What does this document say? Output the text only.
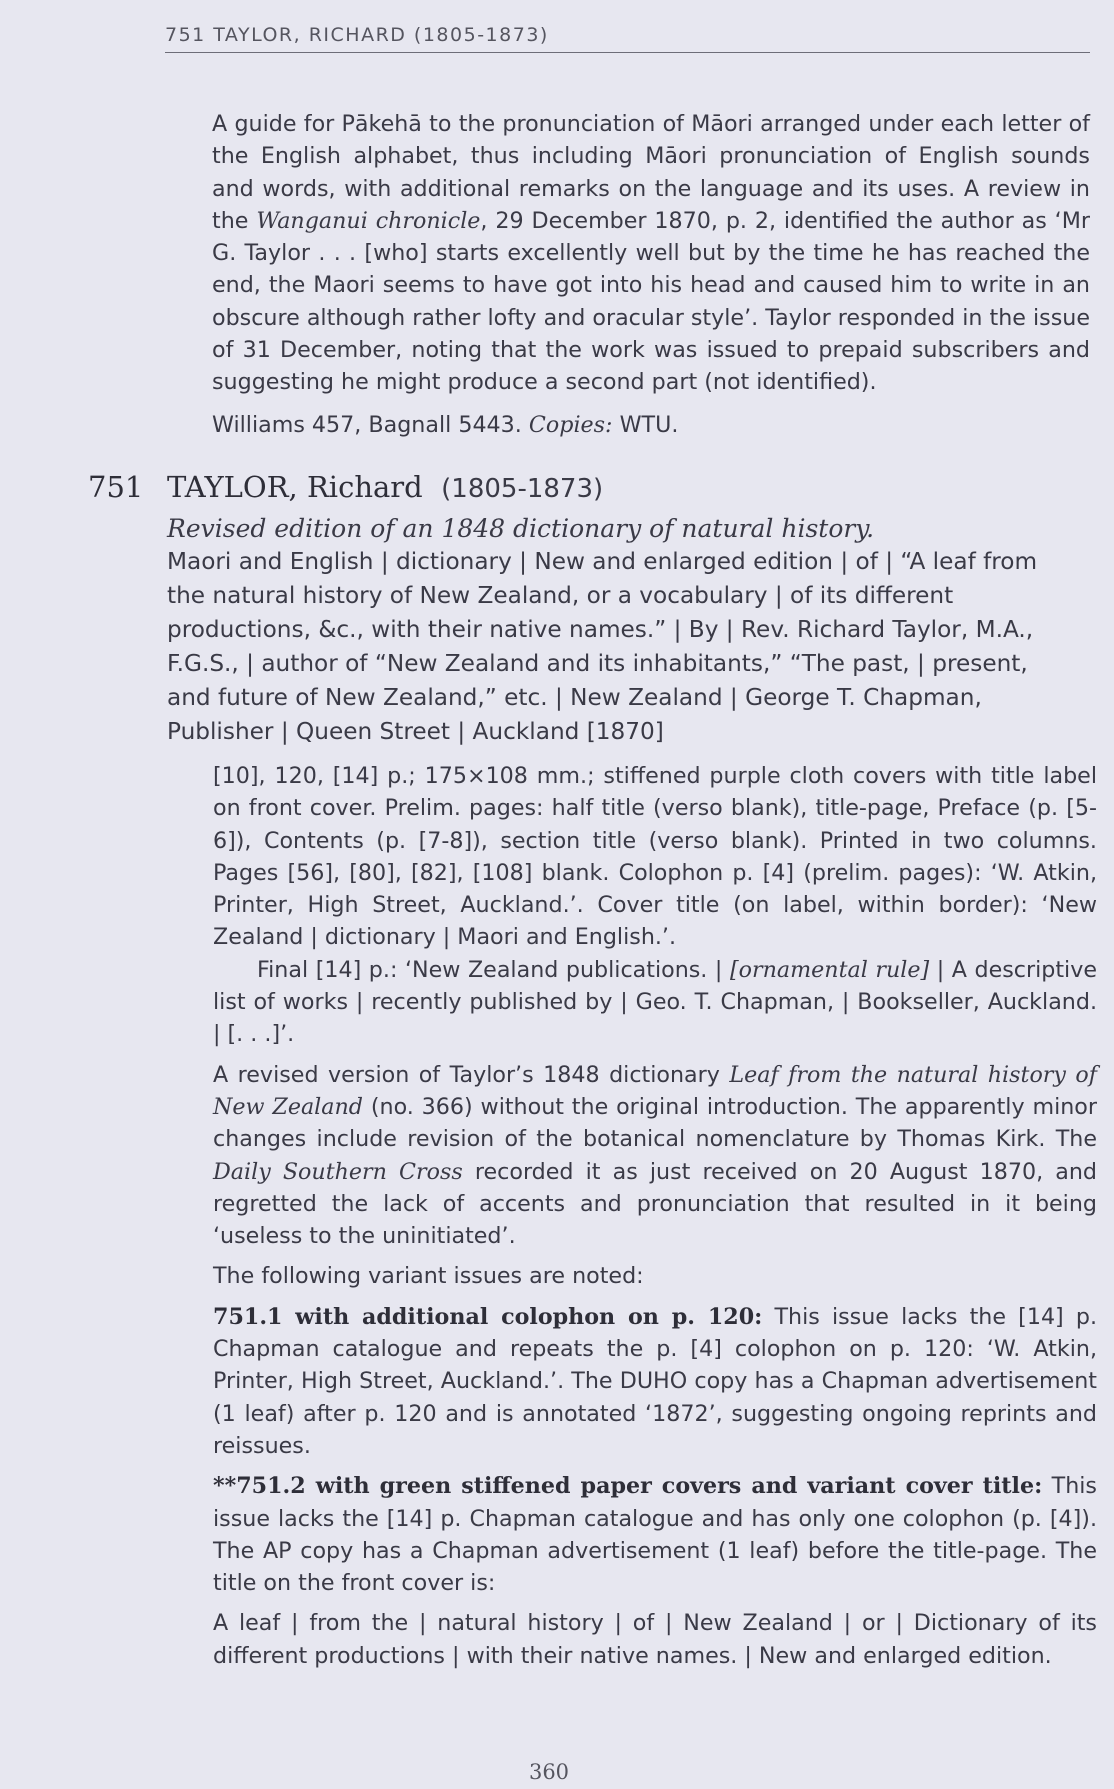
751 TAYLOR, RICHARD (1805-1873)

A guide for Pākehā to the pronunciation of Māori arranged under each letter of the English alphabet, thus including Māori pronunciation of English sounds and words, with additional remarks on the language and its uses. A review in the Wanganui chronicle, 29 December 1870, p. 2, identified the author as ‘Mr G. Taylor . . . [who] starts excellently well but by the time he has reached the end, the Maori seems to have got into his head and caused him to write in an obscure although rather lofty and oracular style’. Taylor responded in the issue of 31 December, noting that the work was issued to prepaid subscribers and suggesting he might produce a second part (not identified).

Williams 457, Bagnall 5443. Copies: WTU.

751 TAYLOR, Richard (1805-1873)
Revised edition of an 1848 dictionary of natural history.

Maori and English | dictionary | New and enlarged edition | of | “A leaf from the natural history of New Zealand, or a vocabulary | of its different productions, &c., with their native names.” | By | Rev. Richard Taylor, M.A., F.G.S., | author of “New Zealand and its inhabitants,” “The past, | present, and future of New Zealand,” etc. | New Zealand | George T. Chapman, Publisher | Queen Street | Auckland [1870]

[10], 120, [14] p.; 175×108 mm.; stiffened purple cloth covers with title label on front cover. Prelim. pages: half title (verso blank), title-page, Preface (p. [5-6]), Contents (p. [7-8]), section title (verso blank). Printed in two columns. Pages [56], [80], [82], [108] blank. Colophon p. [4] (prelim. pages): ‘W. Atkin, Printer, High Street, Auckland.’. Cover title (on label, within border): ‘New Zealand | dictionary | Maori and English.’.

Final [14] p.: ‘New Zealand publications. | [ornamental rule] | A descriptive list of works | recently published by | Geo. T. Chapman, | Bookseller, Auckland. | [. . .]’.

A revised version of Taylor’s 1848 dictionary Leaf from the natural history of New Zealand (no. 366) without the original introduction. The apparently minor changes include revision of the botanical nomenclature by Thomas Kirk. The Daily Southern Cross recorded it as just received on 20 August 1870, and regretted the lack of accents and pronunciation that resulted in it being ‘useless to the uninitiated’.

The following variant issues are noted:

751.1 with additional colophon on p. 120: This issue lacks the [14] p. Chapman catalogue and repeats the p. [4] colophon on p. 120: ‘W. Atkin, Printer, High Street, Auckland.’. The DUHO copy has a Chapman advertisement (1 leaf) after p. 120 and is annotated ‘1872’, suggesting ongoing reprints and reissues.

**751.2 with green stiffened paper covers and variant cover title: This issue lacks the [14] p. Chapman catalogue and has only one colophon (p. [4]). The AP copy has a Chapman advertisement (1 leaf) before the title-page. The title on the front cover is:

A leaf | from the | natural history | of | New Zealand | or | Dictionary of its different productions | with their native names. | New and enlarged edition.

360
